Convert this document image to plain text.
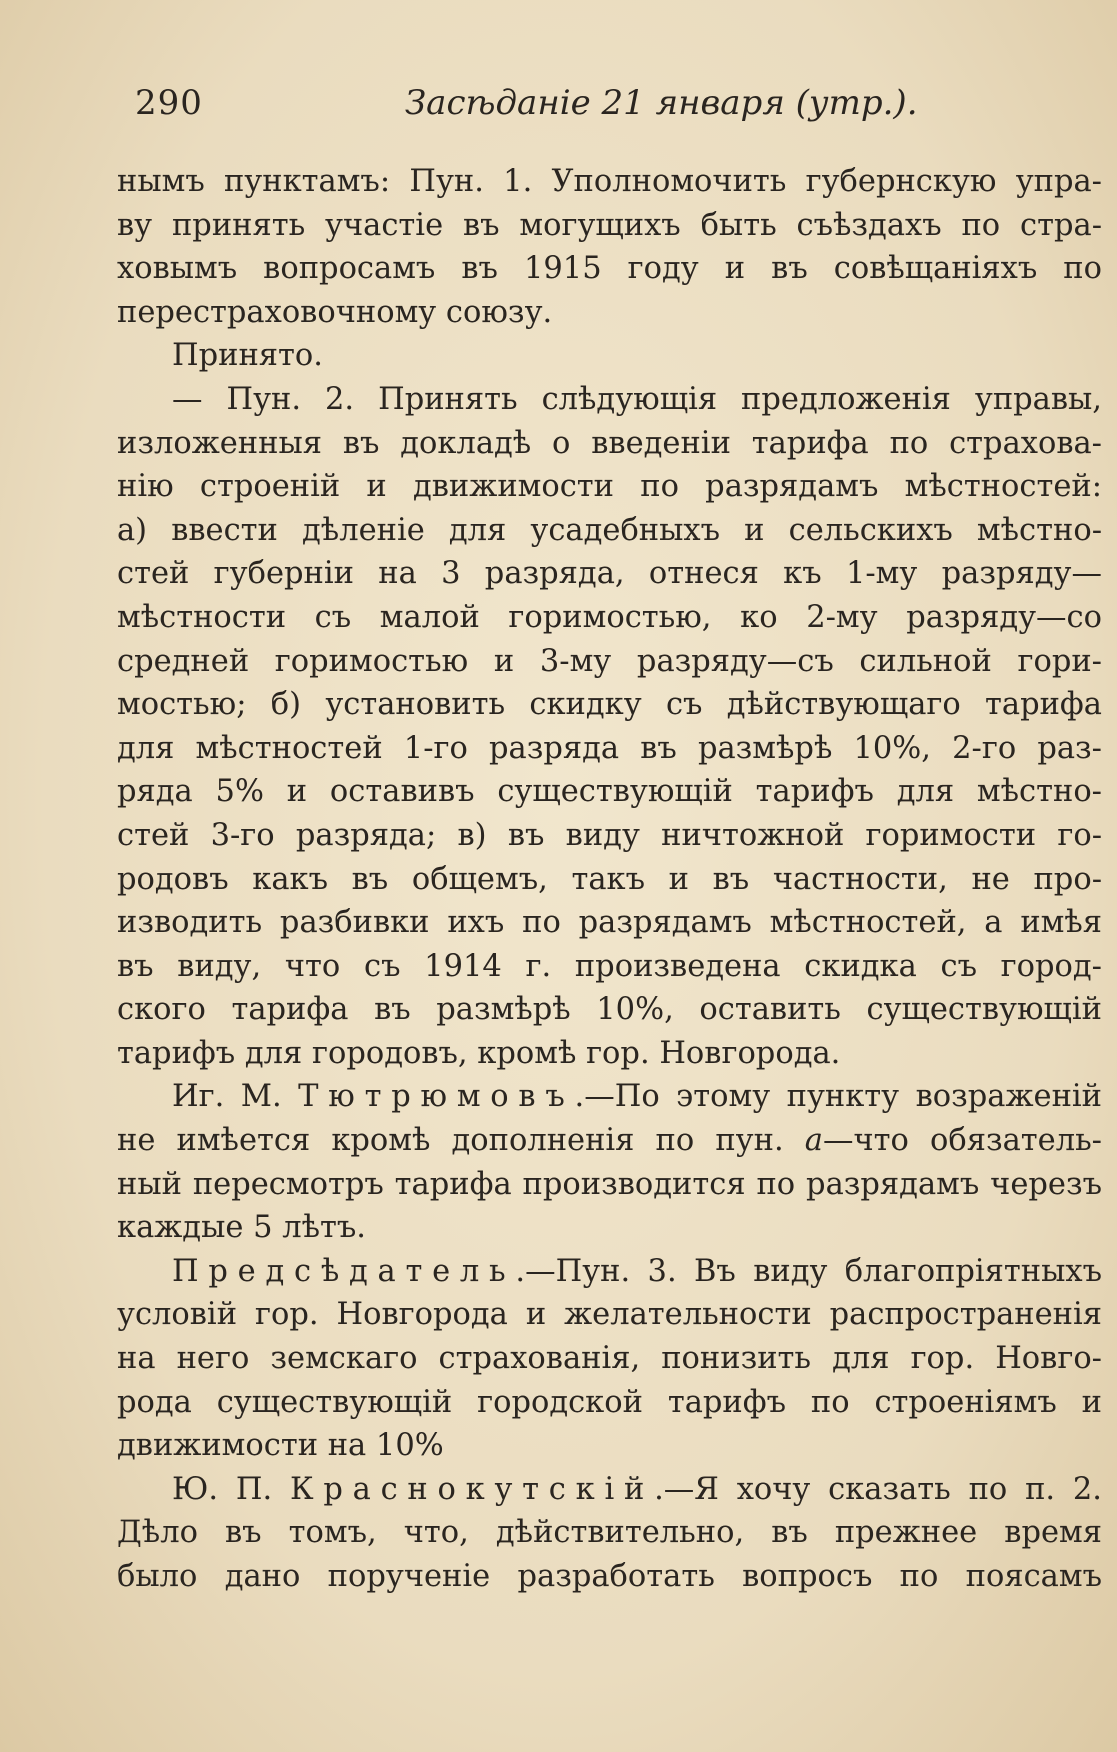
290	Засѣданіе 21 января (утр.).
нымъ пунктамъ: Пун. 1. Уполномочить губернскую упра-
ву принять участіе въ могущихъ быть съѣздахъ по стра-
ховымъ вопросамъ въ 1915 году и въ совѣщаніяхъ по
перестраховочному союзу.
Принято.
— Пун. 2. Принять слѣдующія предложенія управы,
изложенныя въ докладѣ о введеніи тарифа по страхова-
нію строеній и движимости по разрядамъ мѣстностей:
а) ввести дѣленіе для усадебныхъ и сельскихъ мѣстно-
стей губерніи на 3 разряда, отнеся къ 1-му разряду—
мѣстности съ малой горимостью, ко 2-му разряду—со
средней горимостью и 3-му разряду—съ сильной гори-
мостью; б) установить скидку съ дѣйствующаго тарифа
для мѣстностей 1-го разряда въ размѣрѣ 10%, 2-го раз-
ряда 5% и оставивъ существующій тарифъ для мѣстно-
стей 3-го разряда; в) въ виду ничтожной горимости го-
родовъ какъ въ общемъ, такъ и въ частности, не про-
изводить разбивки ихъ по разрядамъ мѣстностей, а имѣя
въ виду, что съ 1914 г. произведена скидка съ город-
ского тарифа въ размѣрѣ 10%, оставить существующій
тарифъ для городовъ, кромѣ гор. Новгорода.
Иг. М. Тютрюмовъ.—По этому пункту возраженій
не имѣется кромѣ дополненія по пун. а—что обязатель-
ный пересмотръ тарифа производится по разрядамъ черезъ
каждые 5 лѣтъ.
Предсѣдатель.—Пун. 3. Въ виду благопріятныхъ
условій гор. Новгорода и желательности распространенія
на него земскаго страхованія, понизить для гор. Новго-
рода существующій городской тарифъ по строеніямъ и
движимости на 10%
Ю. П. Краснокутскій.—Я хочу сказать по п. 2.
Дѣло въ томъ, что, дѣйствительно, въ прежнее время
было дано порученіе разработать вопросъ по поясамъ
